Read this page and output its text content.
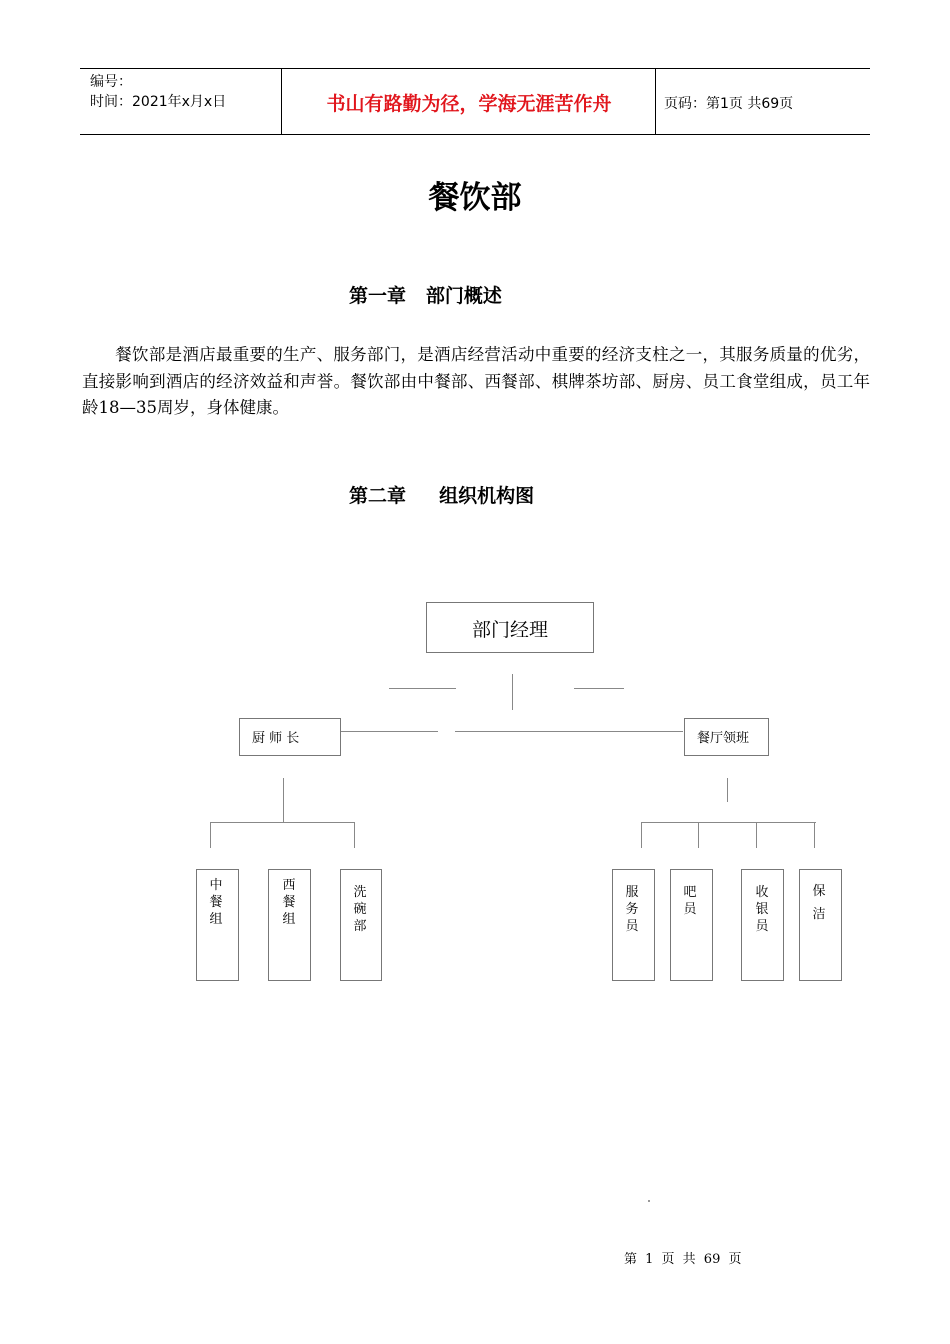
编号：
时间：2021年x月x日	书山有路勤为径，学海无涯苦作舟	页码：第1页 共69页
餐饮部
第一章   部门概述
餐饮部是酒店最重要的生产、服务部门，是酒店经营活动中重要的经济支柱之一，其服务质量的优劣，直接影响到酒店的经济效益和声誉。餐饮部由中餐部、西餐部、棋牌茶坊部、厨房、员工食堂组成，员工年龄18—35周岁，身体健康。
第二章     组织机构图
部门经理
厨 师 长	餐厅领班
中餐组
西餐组
洗碗部
服务员
吧 员
收银员
保 洁
第 1 页 共 69 页
